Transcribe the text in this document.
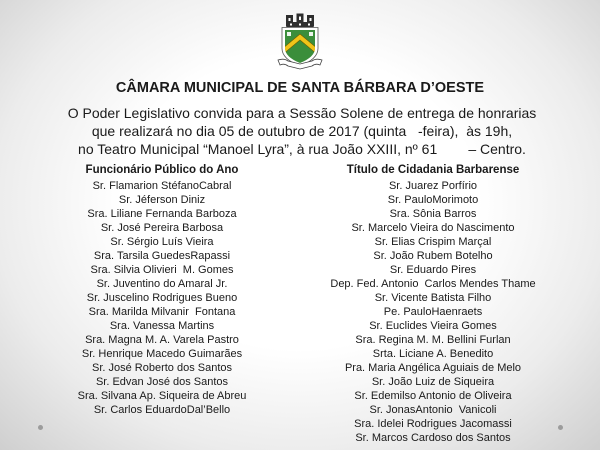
CÂMARA MUNICIPAL DE SANTA BÁRBARA D’OESTE
O Poder Legislativo convida para a Sessão Solene de entrega de honrarias
que realizará no dia 05 de outubro de 2017 (quinta   -feira),  às 19h,
no Teatro Municipal “Manoel Lyra”, à rua João XXIII, nº 61        – Centro.
Funcionário Público do Ano
Sr. Flamarion StéfanoCabral
Sr. Jéferson Diniz
Sra. Liliane Fernanda Barboza
Sr. José Pereira Barbosa
Sr. Sérgio Luís Vieira
Sra. Tarsila GuedesRapassi
Sra. Silvia Olivieri  M. Gomes
Sr. Juventino do Amaral Jr.
Sr. Juscelino Rodrigues Bueno
Sra. Marilda Milvanir  Fontana
Sra. Vanessa Martins
Sra. Magna M. A. Varela Pastro
Sr. Henrique Macedo Guimarães
Sr. José Roberto dos Santos
Sr. Edvan José dos Santos
Sra. Silvana Ap. Siqueira de Abreu
Sr. Carlos EduardoDal’Bello
Título de Cidadania Barbarense
Sr. Juarez Porfírio
Sr. PauloMorimoto
Sra. Sônia Barros
Sr. Marcelo Vieira do Nascimento
Sr. Elias Crispim Marçal
Sr. João Rubem Botelho
Sr. Eduardo Pires
Dep. Fed. Antonio  Carlos Mendes Thame
Sr. Vicente Batista Filho
Pe. PauloHaenraets
Sr. Euclides Vieira Gomes
Sra. Regina M. M. Bellini Furlan
Srta. Liciane A. Benedito
Pra. Maria Angélica Aguiais de Melo
Sr. João Luiz de Siqueira
Sr. Edemilso Antonio de Oliveira
Sr. JonasAntonio  Vanicoli
Sra. Idelei Rodrigues Jacomassi
Sr. Marcos Cardoso dos Santos
